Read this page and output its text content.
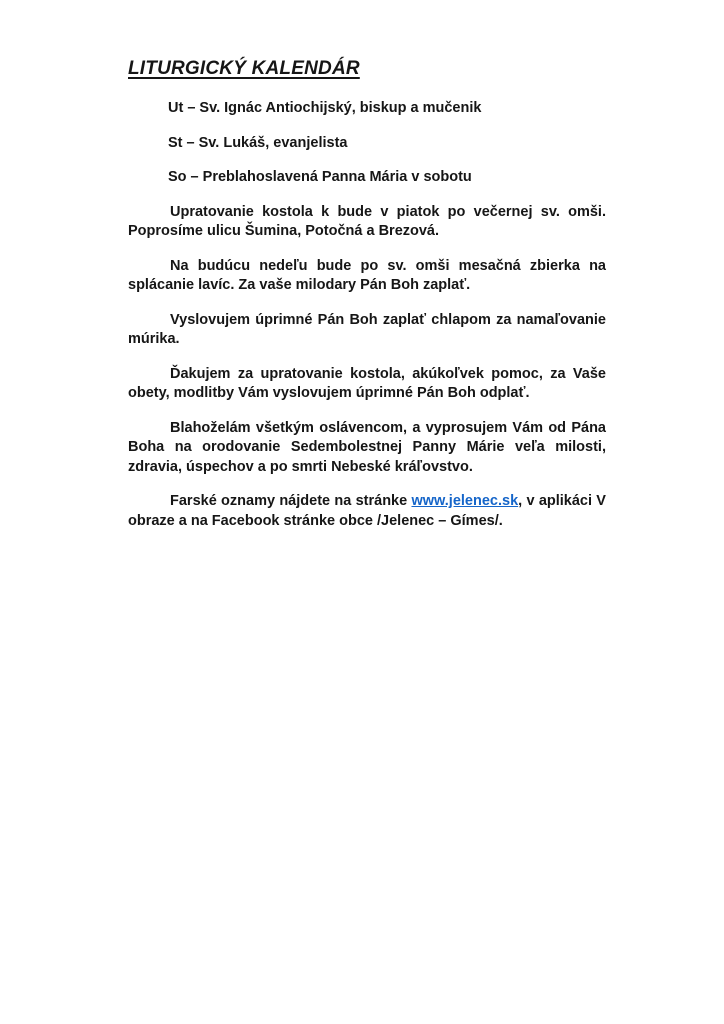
LITURGICKÝ KALENDÁR

Ut – Sv. Ignác Antiochijský, biskup a mučenik

St – Sv. Lukáš, evanjelista

So – Preblahoslavená Panna Mária v sobotu

Upratovanie kostola k bude v piatok po večernej sv. omši. Poprosíme ulicu Šumina, Potočná a Brezová.

Na budúcu nedeľu bude po sv. omši mesačná zbierka na splácanie lavíc. Za vaše milodary Pán Boh zaplať.

Vyslovujem úprimné Pán Boh zaplať chlapom za namaľovanie múrika.

Ďakujem za upratovanie kostola, akúkoľvek pomoc, za Vaše obety, modlitby Vám vyslovujem úprimné Pán Boh odplať.

Blahoželám všetkým oslávencom, a vyprosujem Vám od Pána Boha na orodovanie Sedembolestnej Panny Márie veľa milosti, zdravia, úspechov a po smrti Nebeské kráľovstvo.

Farské oznamy nájdete na stránke www.jelenec.sk, v aplikáci V obraze a na Facebook stránke obce /Jelenec – Gímes/.
